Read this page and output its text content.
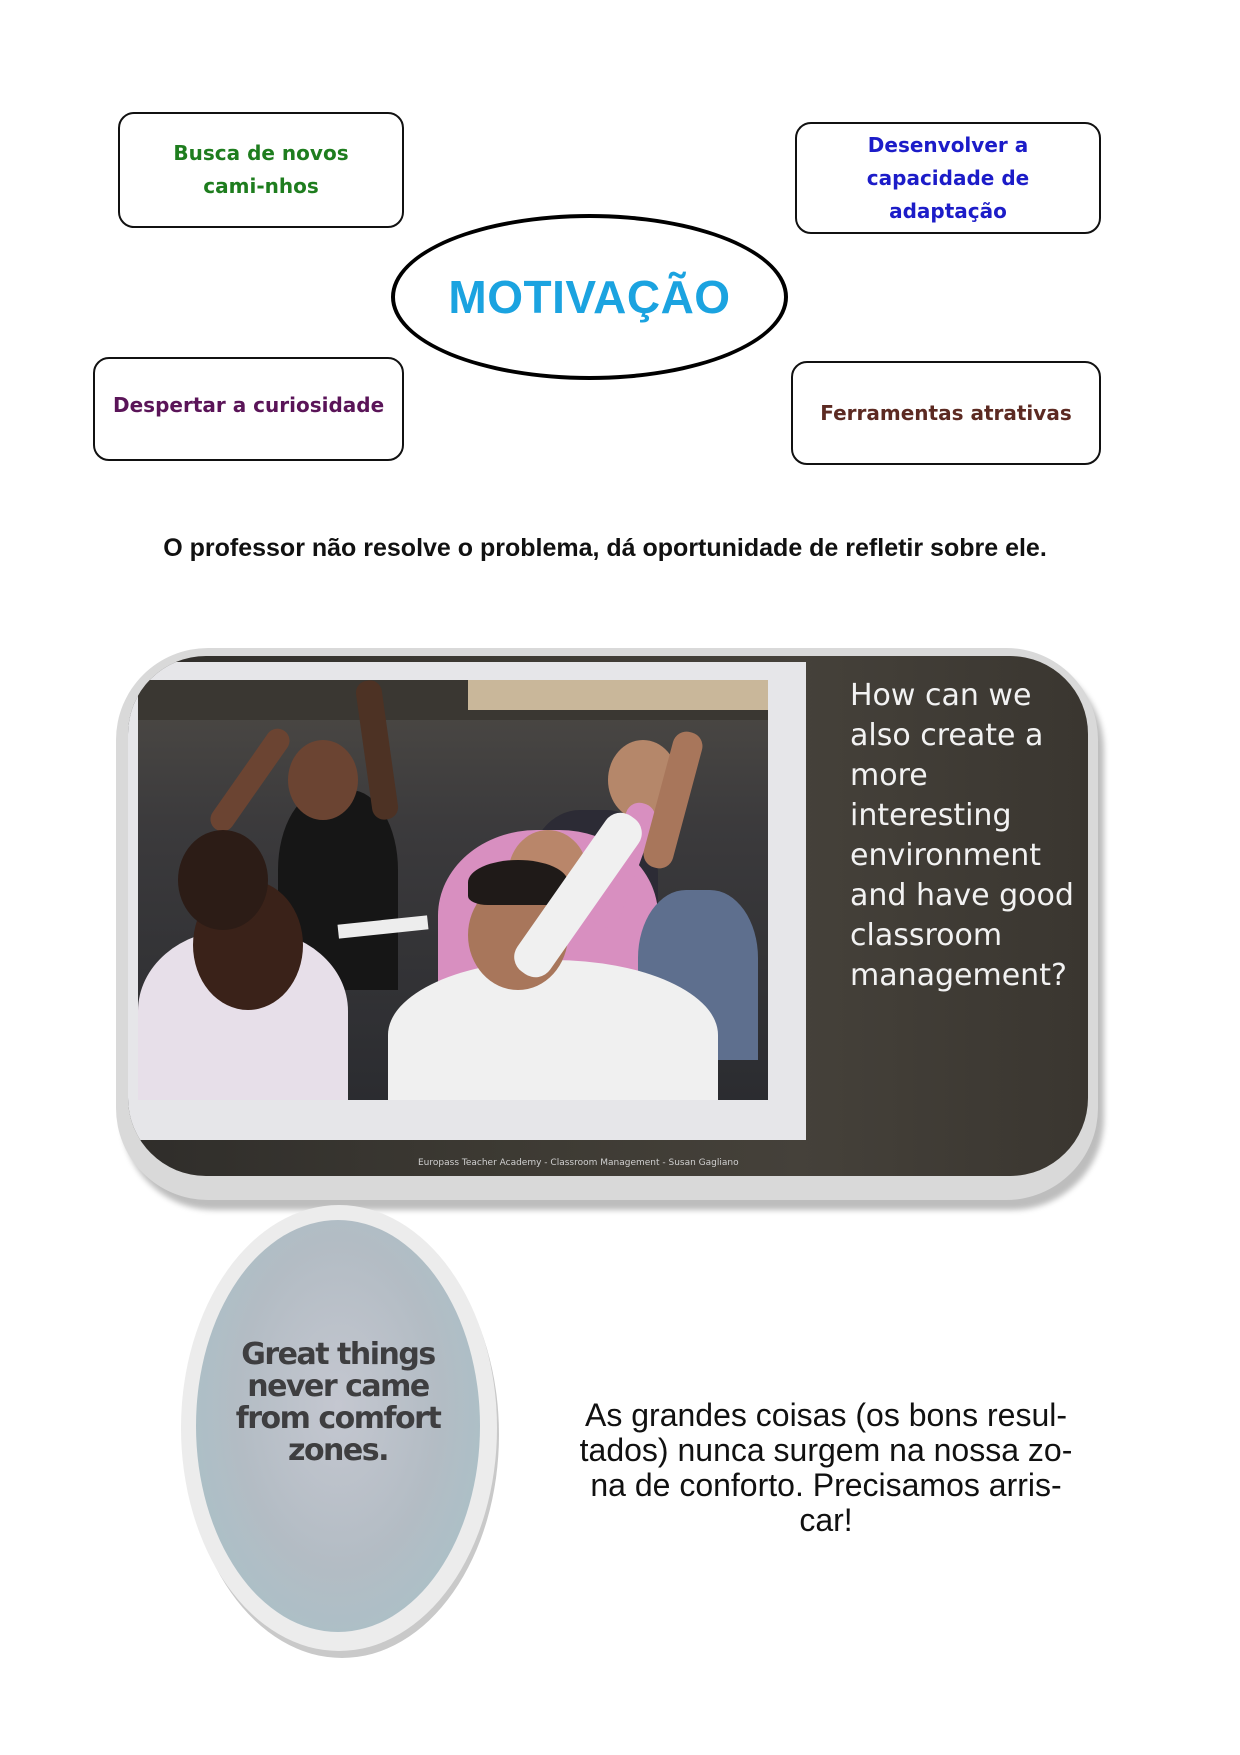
Busca de novos cami-nhos
Desenvolver a capacidade de adaptação
MOTIVAÇÃO
Despertar a curiosidade	Ferramentas atrativas
O professor não resolve o problema, dá oportunidade de refletir sobre ele.
How can we also create a more interesting environment and have good classroom management?
Europass Teacher Academy - Classroom Management - Susan Gagliano
Great things never came from comfort zones.
As grandes coisas (os bons resul-tados) nunca surgem na nossa zo-na de conforto. Precisamos arris-car!
